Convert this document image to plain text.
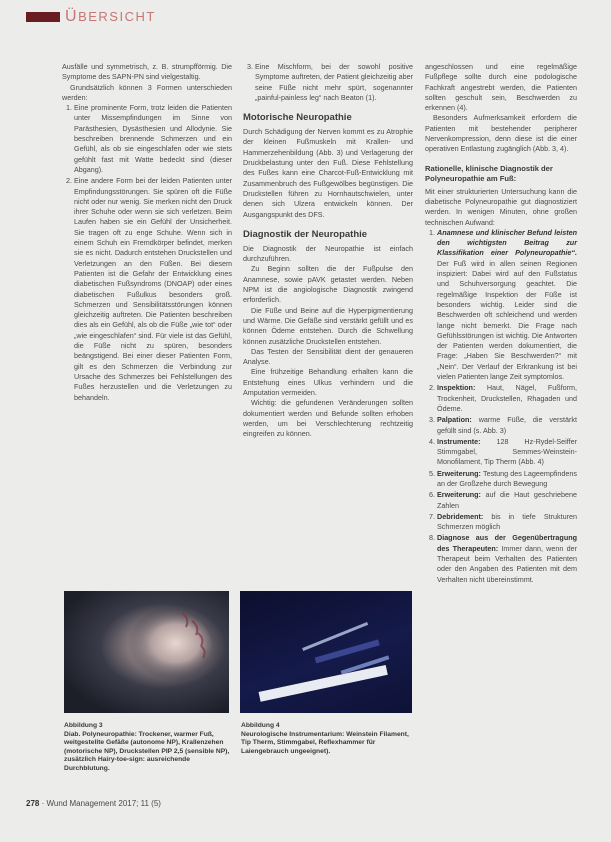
ÜBERSICHT

Ausfälle und symmetrisch, z. B. strumpfförmig. Die Symptome des SAPN-PN sind vielgestaltig.

Grundsätzlich können 3 Formen unterschieden werden:

1. Eine prominente Form, trotz leiden die Patienten unter Missempfindungen im Sinne von Parästhesien, Dysästhesien und Allodynie. Sie beschreiben brennende Schmerzen und ein Gefühl, als ob sie eingeschlafen oder wie stets gefühlt fast mit Watte bedeckt sind (dieser Abgang).
2. Eine andere Form bei der leiden Patienten unter Empfindungsstörungen. Sie spüren oft die Füße nicht oder nur wenig. Sie merken nicht den Druck ihrer Schuhe oder wenn sie sich verletzen. Beim Laufen haben sie ein Gefühl der Unsicherheit. Sie tragen oft zu enge Schuhe. Wenn sich in einem Schuh ein Fremdkörper befindet, merken sie es nicht. Dadurch entstehen Druckstellen und Verletzungen an den Füßen. Bei diesem Patienten ist die Gefahr der Entwicklung eines diabetischen Fußsyndroms (DNOAP) oder eines diabetischen Fußulkus besonders groß. Schmerzen und Sensibilitätsstörungen können gleichzeitig auftreten. Die Patienten beschreiben dies als ein Gefühl, als ob die Füße „wie tot“ oder „wie eingeschlafen“ sind. Für viele ist das Gefühl, die Füße nicht zu spüren, besonders beängstigend. Bei einer dieser Patienten Form, gilt es den Schmerzen die Verbindung zur Ursache des Schmerzes bei Fehlstellungen des Fußes herzustellen und die Verletzungen zu behandeln.
3. Eine Mischform, bei der sowohl positive Symptome auftreten, der Patient gleichzeitig aber seine Füße nicht mehr spürt, sogenannter „painful-painless leg“ nach Beaton (1).
Motorische Neuropathie

Durch Schädigung der Nerven kommt es zu Atrophie der kleinen Fußmuskeln mit Krallen- und Hammerzehenbildung (Abb. 3) und Verlagerung der Druckbelastung unter den Fuß. Diese Fehlstellung des Fußes kann eine Charcot-Fuß-Entwicklung mit Zusammenbruch des Fußgewölbes begünstigen. Die Druckstellen führen zu Hornhautschwielen, unter denen sich Ulzera entwickeln können. Der Ausgangspunkt des DFS.

Diagnostik der Neuropathie

Die Diagnostik der Neuropathie ist einfach durchzuführen.

Zu Beginn sollten die der Fußpulse den Anamnese, sowie pAVK getastet werden. Neben NPM ist die angiologische Diagnostik zwingend erforderlich.

Die Füße und Beine auf die Hyperpigmentierung und Wärme. Die Gefäße sind verstärkt gefüllt und es können Ödeme entstehen. Durch die Schwellung können zusätzliche Druckstellen entstehen.

Das Testen der Sensibilität dient der genaueren Analyse.

Eine frühzeitige Behandlung erhalten kann die Entstehung eines Ulkus verhindern und die Amputation vermeiden.

Wichtig: die gefundenen Veränderungen sollten dokumentiert werden und Befunde sollten erhoben werden, um bei Verschlechterung rechtzeitig eingreifen zu können.

angeschlossen und eine regelmäßige Fußpflege sollte durch eine podologische Fachkraft angestrebt werden, die Patienten sollten geschult sein, Beschwerden zu erkennen (4).

Besonders Aufmerksamkeit erfordern die Patienten mit bestehender peripherer Nervenkompression, denn diese ist die einer operativen Entlastung zugänglich (Abb. 3, 4).

Rationelle, klinische Diagnostik der Polyneuropathie am Fuß:

Mit einer strukturierten Untersuchung kann die diabetische Polyneuropathie gut diagnostiziert werden. In wenigen Minuten, ohne großen technischen Aufwand:

1. Anamnese und klinischer Befund leisten den wichtigsten Beitrag zur Klassifikation einer Polyneuropathie“. Der Fuß wird in allen seinen Regionen inspiziert: Dabei wird auf den Fußstatus und Schuhversorgung geachtet. Die regelmäßige Inspektion der Füße ist besonders wichtig. Leider sind die Beschwerden oft schleichend und werden lange nicht bemerkt. Die Frage nach Gefühlsstörungen ist wichtig. Die Antworten der Patienten werden dokumentiert, die Frage: „Haben Sie Beschwerden?“ mit „Nein“. Der Verlauf der Erkrankung ist bei vielen Patienten lange Zeit symptomlos.
2. Inspektion: Haut, Nägel, Fußform, Trockenheit, Druckstellen, Rhagaden und Ödeme.
3. Palpation: warme Füße, die verstärkt gefüllt sind (s. Abb. 3)
4. Instrumente: 128 Hz-Rydel-Seiffer Stimmgabel, Semmes-Weinstein-Monofilament, Tip Therm (Abb. 4)
5. Erweiterung: Testung des Lageempfindens an der Großzehe durch Bewegung
6. Erweiterung: auf die Haut geschriebene Zahlen
7. Debridement: bis in tiefe Strukturen Schmerzen möglich
8. Diagnose aus der Gegenübertragung des Therapeuten: Immer dann, wenn der Therapeut beim Verhalten des Patienten oder den Angaben des Patienten mit dem Verhalten nicht übereinstimmt.
Abbildung 3
Diab. Polyneuropathie: Trockener, warmer Fuß, weitgestellte Gefäße (autonome NP), Krallenzehen (motorische NP), Druckstellen PIP 2,5 (sensible NP), zusätzlich Hairy-toe-sign: ausreichende Durchblutung.
Abbildung 4
Neurologische Instrumentarium: Weinstein Filament, Tip Therm, Stimmgabel, Reflexhammer für Laiengebrauch ungeeignet).
278 · Wund Management 2017; 11 (5)
